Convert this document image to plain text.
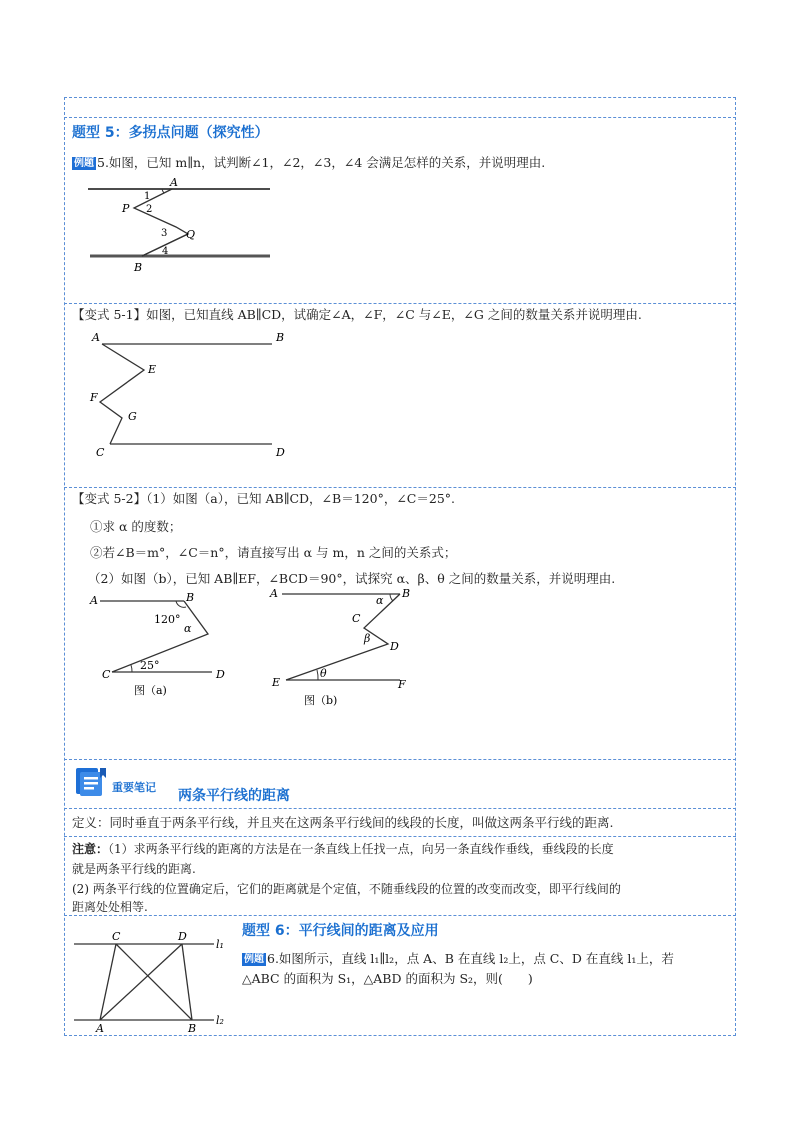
题型 5：多拐点问题（探究性）
例题 5.如图，已知 m∥n，试判断∠1，∠2，∠3，∠4 会满足怎样的关系，并说明理由.
A
P
Q
B
1
2
3
4
【变式 5-1】如图，已知直线 AB∥CD，试确定∠A，∠F，∠C 与∠E，∠G 之间的数量关系并说明理由.
A	B
E
F
G
C	D
【变式 5-2】（1）如图（a），已知 AB∥CD，∠B＝120°，∠C＝25°.
①求 α 的度数；
②若∠B＝m°，∠C＝n°，请直接写出 α 与 m，n 之间的关系式；
（2）如图（b），已知 AB∥EF，∠BCD＝90°，试探究 α、β、θ 之间的数量关系，并说明理由.
A	B
120°
α
25°
C	D
图（a)
A	B
α
C
β
D
θ
E	F
图（b)
重要笔记
两条平行线的距离
定义：同时垂直于两条平行线，并且夹在这两条平行线间的线段的长度，叫做这两条平行线的距离.
注意：（1）求两条平行线的距离的方法是在一条直线上任找一点，向另一条直线作垂线，垂线段的长度
就是两条平行线的距离.
(2) 两条平行线的位置确定后，它们的距离就是个定值，不随垂线段的位置的改变而改变，即平行线间的
距离处处相等.
题型 6：平行线间的距离及应用
例题 6.如图所示，直线 l₁∥l₂，点 A、B 在直线 l₂上，点 C、D 在直线 l₁上，若
△ABC 的面积为 S₁，△ABD 的面积为 S₂，则(　　)
C	D
l₁
A	B
l₂
